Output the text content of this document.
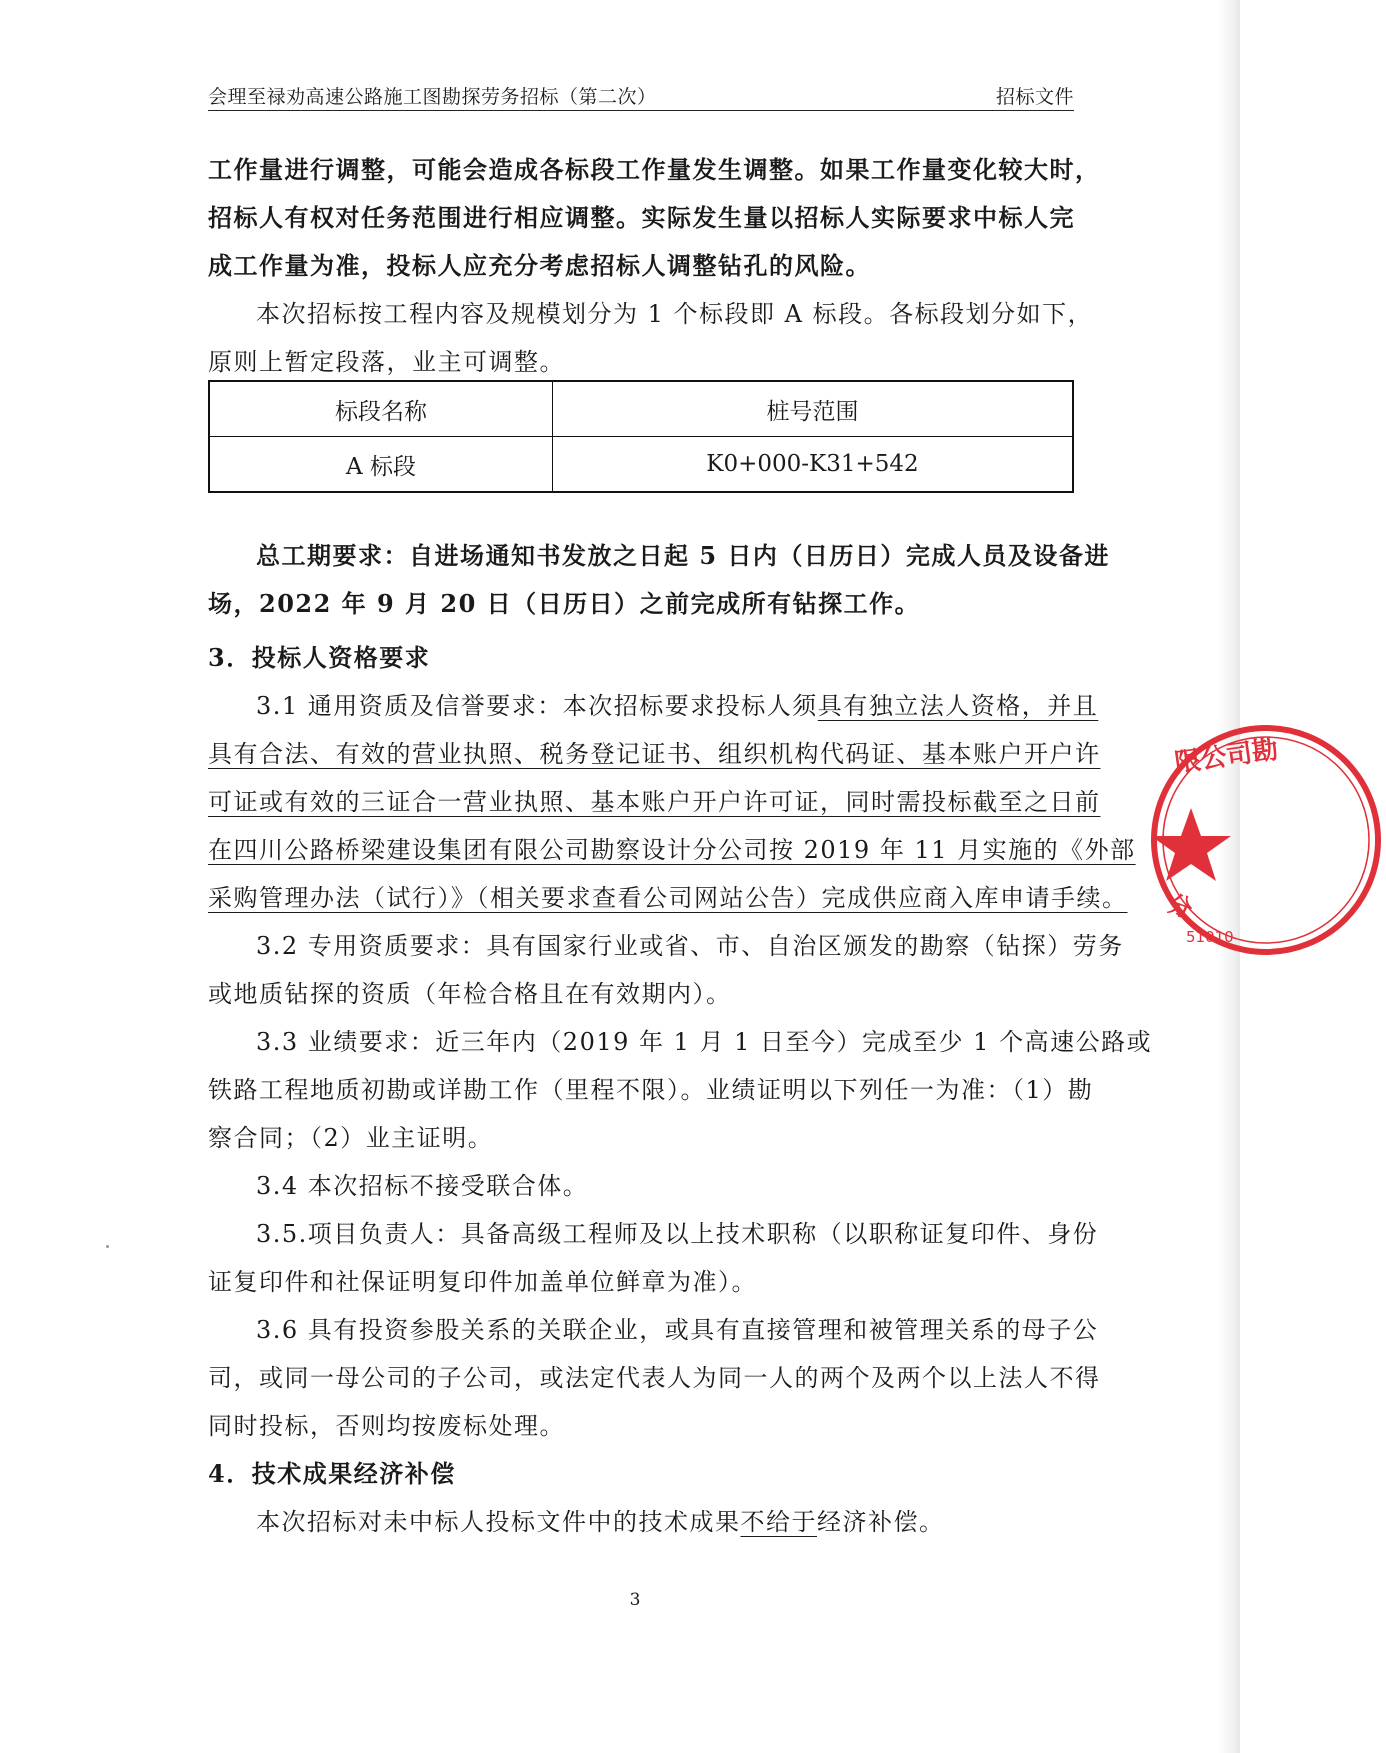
会理至禄劝高速公路施工图勘探劳务招标（第二次）	招标文件
工作量进行调整，可能会造成各标段工作量发生调整。如果工作量变化较大时，
招标人有权对任务范围进行相应调整。实际发生量以招标人实际要求中标人完
成工作量为准，投标人应充分考虑招标人调整钻孔的风险。
本次招标按工程内容及规模划分为 1 个标段即 A 标段。各标段划分如下，
原则上暂定段落，业主可调整。
标段名称	桩号范围
A 标段	K0+000-K31+542
总工期要求：自进场通知书发放之日起 5 日内（日历日）完成人员及设备进
场，2022 年 9 月 20 日（日历日）之前完成所有钻探工作。
3．投标人资格要求
3.1 通用资质及信誉要求：本次招标要求投标人须具有独立法人资格，并且
具有合法、有效的营业执照、税务登记证书、组织机构代码证、基本账户开户许
可证或有效的三证合一营业执照、基本账户开户许可证，同时需投标截至之日前
在四川公路桥梁建设集团有限公司勘察设计分公司按 2019 年 11 月实施的《外部
采购管理办法（试行）》（相关要求查看公司网站公告）完成供应商入库申请手续。
3.2 专用资质要求：具有国家行业或省、市、自治区颁发的勘察（钻探）劳务
或地质钻探的资质（年检合格且在有效期内）。
3.3 业绩要求：近三年内（2019 年 1 月 1 日至今）完成至少 1 个高速公路或
铁路工程地质初勘或详勘工作（里程不限）。业绩证明以下列任一为准：（1）勘
察合同；（2）业主证明。
3.4 本次招标不接受联合体。
3.5.项目负责人：具备高级工程师及以上技术职称（以职称证复印件、身份
证复印件和社保证明复印件加盖单位鲜章为准）。
3.6 具有投资参股关系的关联企业，或具有直接管理和被管理关系的母子公
司，或同一母公司的子公司，或法定代表人为同一人的两个及两个以上法人不得
同时投标，否则均按废标处理。
4．技术成果经济补偿
本次招标对未中标人投标文件中的技术成果不给于经济补偿。
3
限公司勘
分
51010
